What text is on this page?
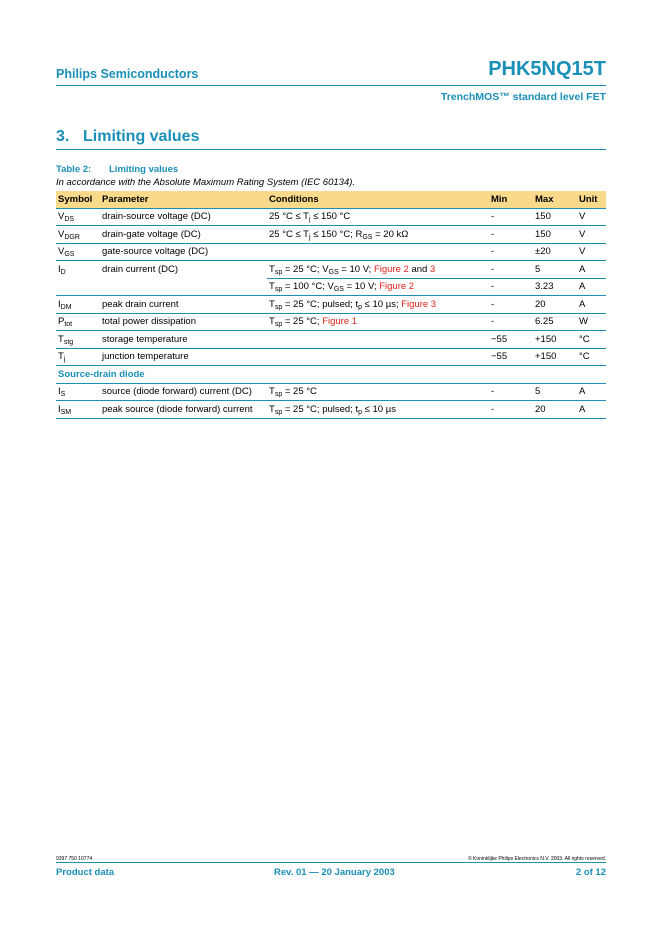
Philips Semiconductors	PHK5NQ15T
TrenchMOS™ standard level FET
3. Limiting values
Table 2: Limiting values
In accordance with the Absolute Maximum Rating System (IEC 60134).
Symbol	Parameter	Conditions	Min	Max	Unit
$V_{DS}$	drain-source voltage (DC)	25 $^\circ C \le T_j \le 150$ °C	-	150	V
$V_{DGR}$	drain-gate voltage (DC)	25 $^\circ C \le T_j \le 150$ °C; $R_{GS} = 20$ kΩ	-	150	V
$V_{GS}$	gate-source voltage (DC)		-	±20	V
$I_D$	drain current (DC)	$T_{sp} = 25$ °C; $V_{GS} = 10$ V; Figure 2 and 3	-	5	A
		$T_{sp} = 100$ °C; $V_{GS} = 10$ V; Figure 2	-	3.23	A
$I_{DM}$	peak drain current	$T_{sp} = 25$ °C; pulsed; $t_p \le 10$ µs; Figure 3	-	20	A
$P_{tot}$	total power dissipation	$T_{sp} = 25$ °C; Figure 1	-	6.25	W
$T_{stg}$	storage temperature		−55	+150	°C
$T_j$	junction temperature		−55	+150	°C
Source-drain diode					
$I_S$	source (diode forward) current (DC)	$T_{sp} = 25$ °C	-	5	A
$I_{SM}$	peak source (diode forward) current	$T_{sp} = 25$ °C; pulsed; $t_p \le 10$ µs	-	20	A
9397 750 10774	© Koninklijke Philips Electronics N.V. 2003. All rights reserved.
Product data	Rev. 01 — 20 January 2003	2 of 12
